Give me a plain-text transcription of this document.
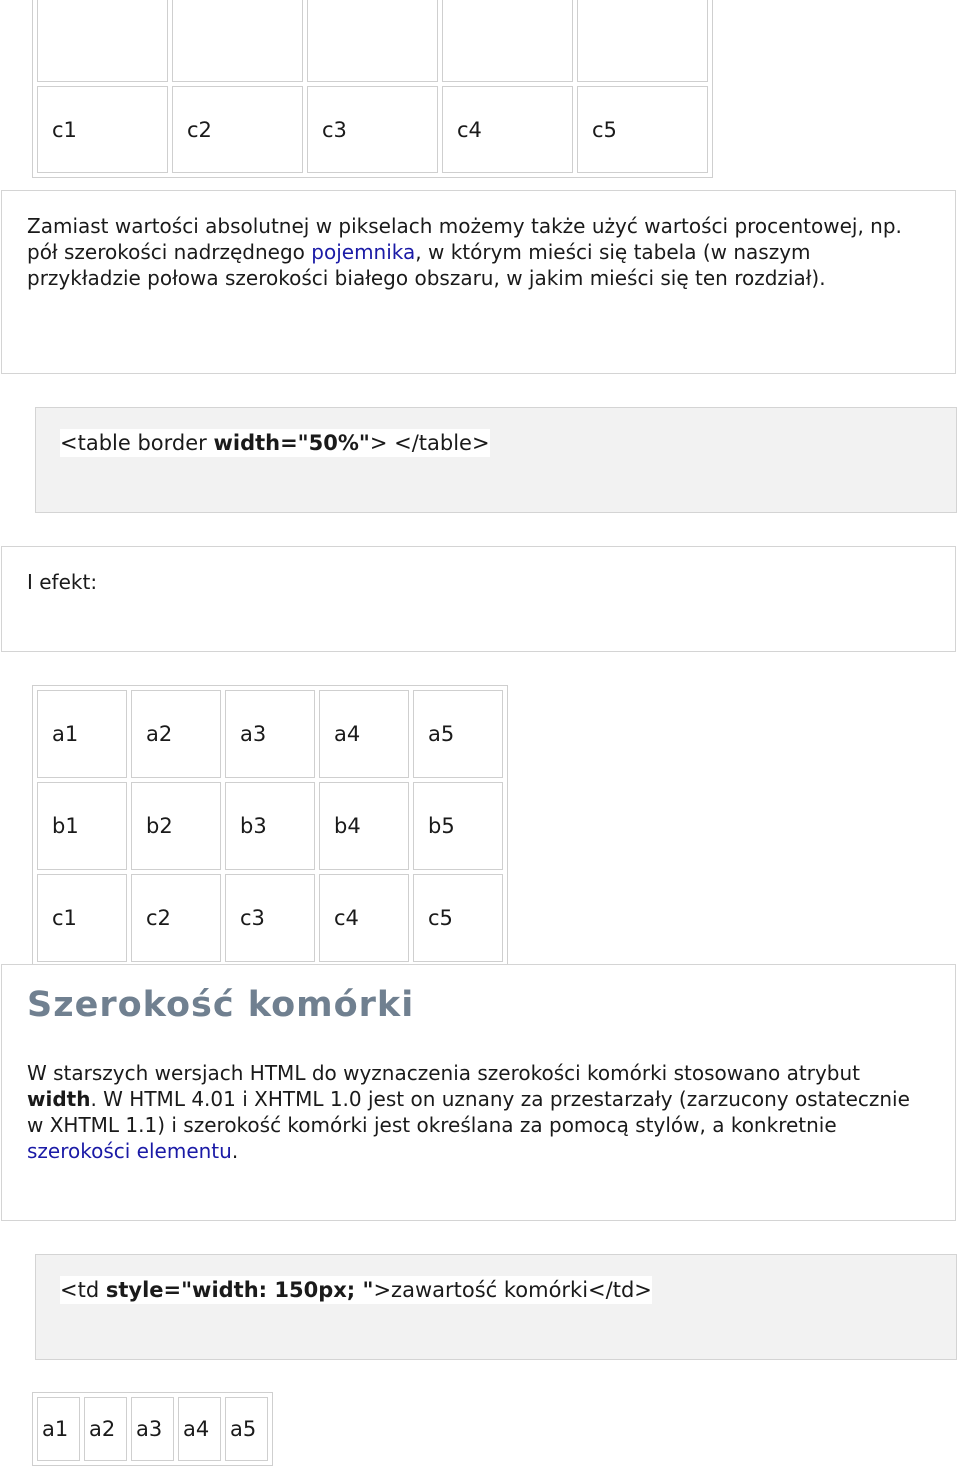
c1	c2	c3	c4	c5

Zamiast wartości absolutnej w pikselach możemy także użyć wartości procentowej, np. pół szerokości nadrzędnego pojemnika, w którym mieści się tabela (w naszym przykładzie połowa szerokości białego obszaru, w jakim mieści się ten rozdział).

<table border width="50%"> </table>

I efekt:

a1	a2	a3	a4	a5
b1	b2	b3	b4	b5
c1	c2	c3	c4	c5
Szerokość komórki

W starszych wersjach HTML do wyznaczenia szerokości komórki stosowano atrybut width. W HTML 4.01 i XHTML 1.0 jest on uznany za przestarzały (zarzucony ostatecznie w XHTML 1.1) i szerokość komórki jest określana za pomocą stylów, a konkretnie szerokości elementu.

<td style="width: 150px; ">zawartość komórki</td>
a1	a2	a3	a4	a5
